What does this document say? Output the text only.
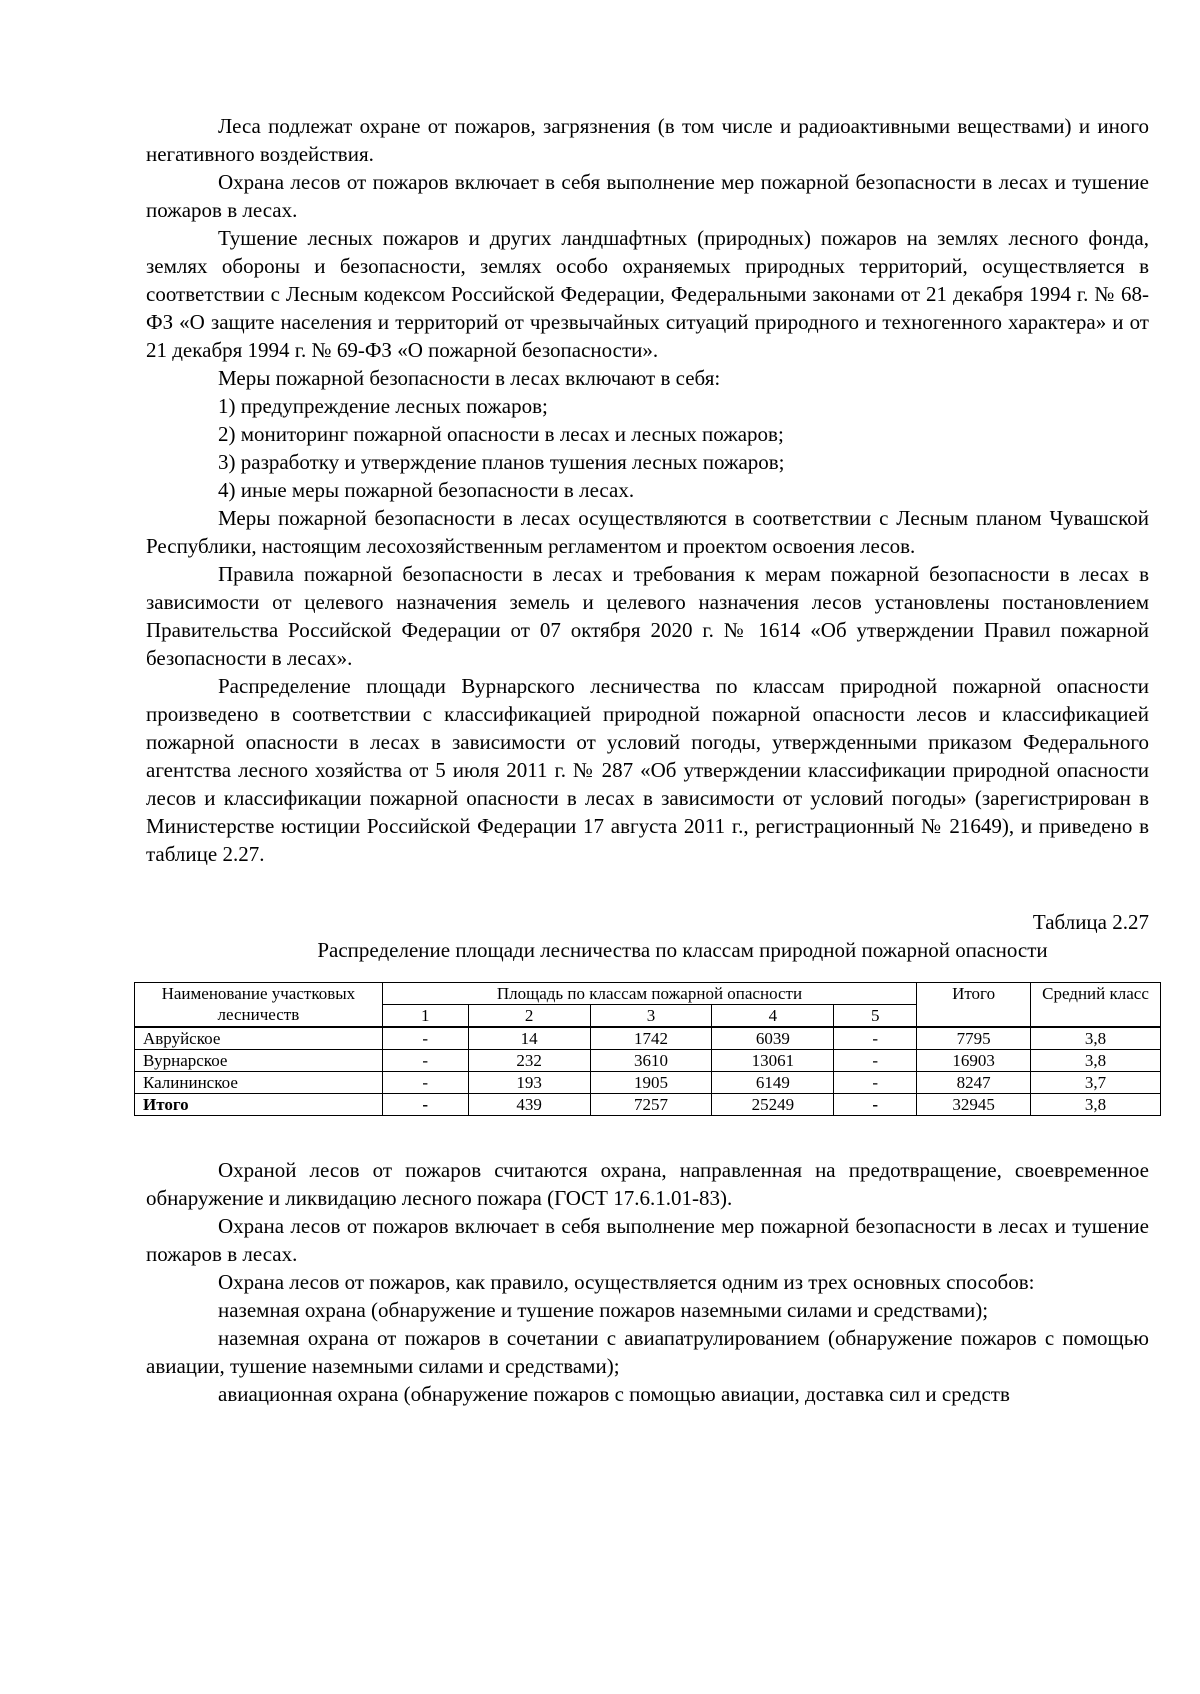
Леса подлежат охране от пожаров, загрязнения (в том числе и радиоактивными веществами) и иного негативного воздействия.

Охрана лесов от пожаров включает в себя выполнение мер пожарной безопасности в лесах и тушение пожаров в лесах.

Тушение лесных пожаров и других ландшафтных (природных) пожаров на землях лесного фонда, землях обороны и безопасности, землях особо охраняемых природных территорий, осуществляется в соответствии с Лесным кодексом Российской Федерации, Федеральными законами от 21 декабря 1994 г. № 68-ФЗ «О защите населения и территорий от чрезвычайных ситуаций природного и техногенного характера» и от 21 декабря 1994 г. № 69-ФЗ «О пожарной безопасности».

Меры пожарной безопасности в лесах включают в себя:

1) предупреждение лесных пожаров;

2) мониторинг пожарной опасности в лесах и лесных пожаров;

3) разработку и утверждение планов тушения лесных пожаров;

4) иные меры пожарной безопасности в лесах.

Меры пожарной безопасности в лесах осуществляются в соответствии с Лесным планом Чувашской Республики, настоящим лесохозяйственным регламентом и проектом освоения лесов.

Правила пожарной безопасности в лесах и требования к мерам пожарной безопасности в лесах в зависимости от целевого назначения земель и целевого назначения лесов установлены постановлением Правительства Российской Федерации от 07 октября 2020 г. № 1614 «Об утверждении Правил пожарной безопасности в лесах».

Распределение площади Вурнарского лесничества по классам природной пожарной опасности произведено в соответствии с классификацией природной пожарной опасности лесов и классификацией пожарной опасности в лесах в зависимости от условий погоды, утвержденными приказом Федерального агентства лесного хозяйства от 5 июля 2011 г. № 287 «Об утверждении классификации природной опасности лесов и классификации пожарной опасности в лесах в зависимости от условий погоды» (зарегистрирован в Министерстве юстиции Российской Федерации 17 августа 2011 г., регистрационный № 21649), и приведено в таблице 2.27.

Таблица 2.27
Распределение площади лесничества по классам природной пожарной опасности
Наименование участковых лесничеств	Площадь по классам пожарной опасности					Итого	Средний класс
	1	2	3	4	5		

Авруйское	-	14	1742	6039	-	7795	3,8
Вурнарское	-	232	3610	13061	-	16903	3,8
Калининское	-	193	1905	6149	-	8247	3,7
Итого	-	439	7257	25249	-	32945	3,8

Охраной лесов от пожаров считаются охрана, направленная на предотвращение, своевременное обнаружение и ликвидацию лесного пожара (ГОСТ 17.6.1.01-83).

Охрана лесов от пожаров включает в себя выполнение мер пожарной безопасности в лесах и тушение пожаров в лесах.

Охрана лесов от пожаров, как правило, осуществляется одним из трех основных способов:

наземная охрана (обнаружение и тушение пожаров наземными силами и средствами);

наземная охрана от пожаров в сочетании с авиапатрулированием (обнаружение пожаров с помощью авиации, тушение наземными силами и средствами);

авиационная охрана (обнаружение пожаров с помощью авиации, доставка сил и средств
